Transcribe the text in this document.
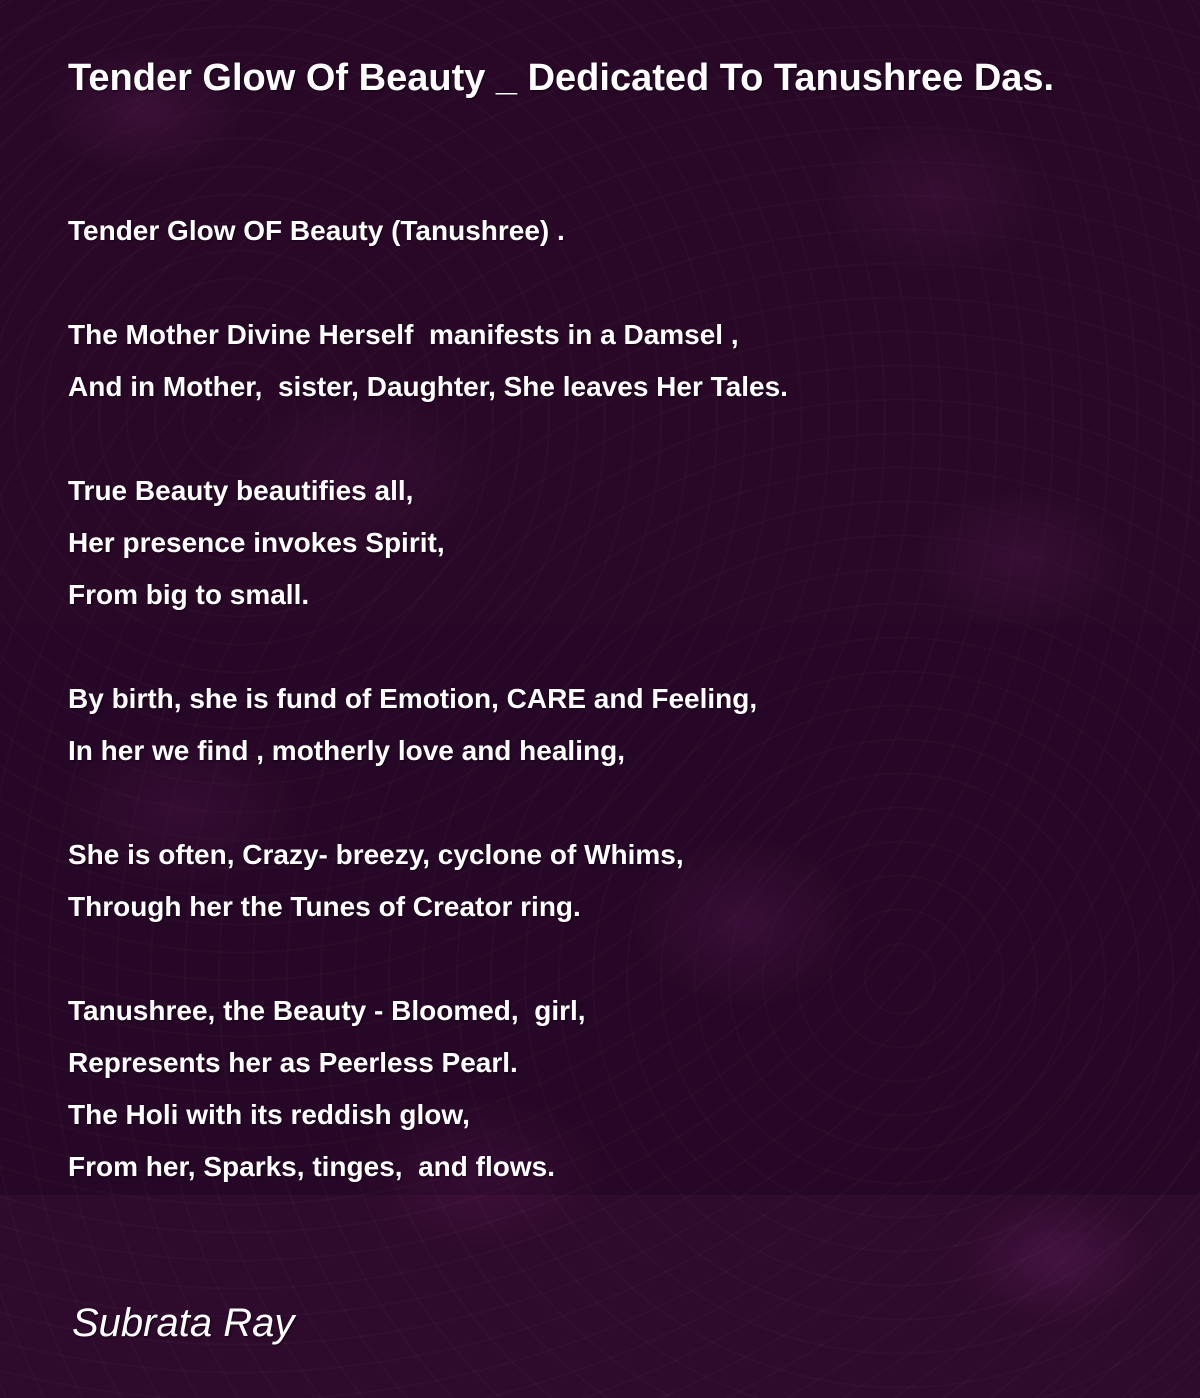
Tender Glow Of Beauty _ Dedicated To Tanushree Das.
Tender Glow OF Beauty (Tanushree) .
The Mother Divine Herself  manifests in a Damsel ,
And in Mother,  sister, Daughter, She leaves Her Tales.
True Beauty beautifies all,
Her presence invokes Spirit,
From big to small.
By birth, she is fund of Emotion, CARE and Feeling,
In her we find , motherly love and healing,
She is often, Crazy- breezy, cyclone of Whims,
Through her the Tunes of Creator ring.
Tanushree, the Beauty - Bloomed,  girl,
Represents her as Peerless Pearl.
The Holi with its reddish glow,
From her, Sparks, tinges,  and flows.

Subrata Ray
